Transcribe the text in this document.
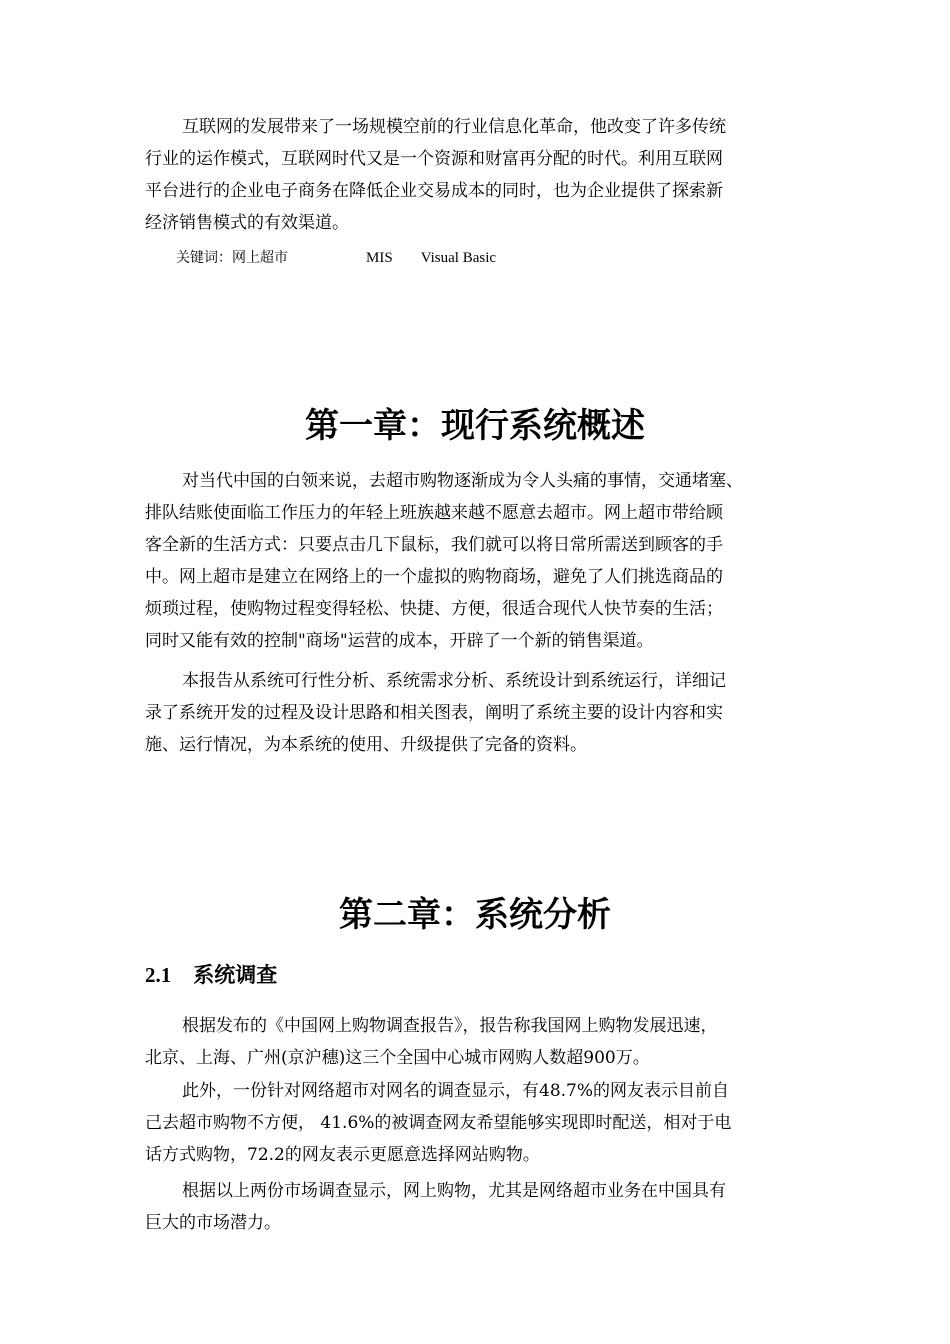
互联网的发展带来了一场规模空前的行业信息化革命，他改变了许多传统
行业的运作模式，互联网时代又是一个资源和财富再分配的时代。利用互联网
平台进行的企业电子商务在降低企业交易成本的同时，也为企业提供了探索新
经济销售模式的有效渠道。
关键词：网上超市	MIS Visual Basic
第一章：现行系统概述
对当代中国的白领来说，去超市购物逐渐成为令人头痛的事情，交通堵塞、
排队结账使面临工作压力的年轻上班族越来越不愿意去超市。网上超市带给顾
客全新的生活方式：只要点击几下鼠标，我们就可以将日常所需送到顾客的手
中。网上超市是建立在网络上的一个虚拟的购物商场，避免了人们挑选商品的
烦琐过程，使购物过程变得轻松、快捷、方便，很适合现代人快节奏的生活；
同时又能有效的控制"商场"运营的成本，开辟了一个新的销售渠道。
本报告从系统可行性分析、系统需求分析、系统设计到系统运行，详细记
录了系统开发的过程及设计思路和相关图表，阐明了系统主要的设计内容和实
施、运行情况，为本系统的使用、升级提供了完备的资料。
第二章：系统分析
2.1 系统调查
根据发布的《中国网上购物调查报告》，报告称我国网上购物发展迅速，
北京、上海、广州(京沪穗)这三个全国中心城市网购人数超900万。
此外，一份针对网络超市对网名的调查显示，有48.7%的网友表示目前自
己去超市购物不方便， 41.6%的被调查网友希望能够实现即时配送，相对于电
话方式购物，72.2的网友表示更愿意选择网站购物。
根据以上两份市场调查显示，网上购物，尤其是网络超市业务在中国具有
巨大的市场潜力。
